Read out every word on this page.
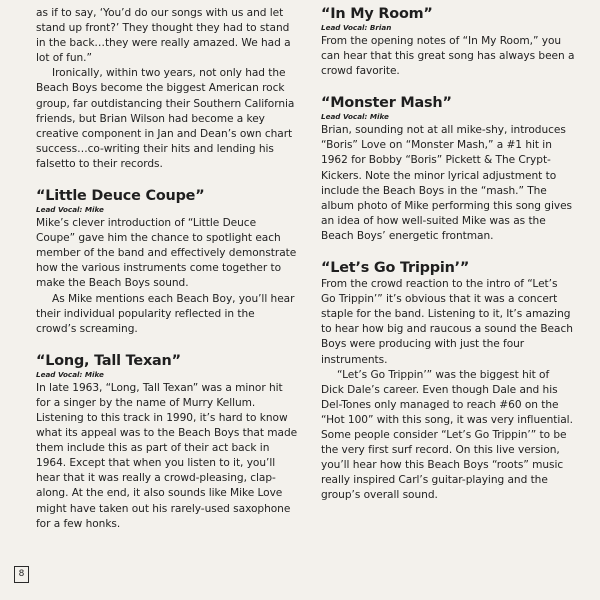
as if to say, ‘You’d do our songs with us and let stand up front?’ They thought they had to stand in the back…they were really amazed. We had a lot of fun.”

Ironically, within two years, not only had the Beach Boys become the biggest American rock group, far outdistancing their Southern California friends, but Brian Wilson had become a key creative component in Jan and Dean’s own chart success…co-writing their hits and lending his falsetto to their records.

“Little Deuce Coupe”
Lead Vocal: Mike

Mike’s clever introduction of “Little Deuce Coupe” gave him the chance to spotlight each member of the band and effectively demonstrate how the various instruments come together to make the Beach Boys sound.

As Mike mentions each Beach Boy, you’ll hear their individual popularity reflected in the crowd’s screaming.

“Long, Tall Texan”
Lead Vocal: Mike

In late 1963, “Long, Tall Texan” was a minor hit for a singer by the name of Murry Kellum. Listening to this track in 1990, it’s hard to know what its appeal was to the Beach Boys that made them include this as part of their act back in 1964. Except that when you listen to it, you’ll hear that it was really a crowd-pleasing, clap-along. At the end, it also sounds like Mike Love might have taken out his rarely-used saxophone for a few honks.

“In My Room”
Lead Vocal: Brian

From the opening notes of “In My Room,” you can hear that this great song has always been a crowd favorite.

“Monster Mash”
Lead Vocal: Mike

Brian, sounding not at all mike-shy, introduces “Boris” Love on “Monster Mash,” a #1 hit in 1962 for Bobby “Boris” Pickett & The Crypt-Kickers. Note the minor lyrical adjustment to include the Beach Boys in the “mash.” The album photo of Mike performing this song gives an idea of how well-suited Mike was as the Beach Boys’ energetic frontman.

“Let’s Go Trippin’”

From the crowd reaction to the intro of “Let’s Go Trippin’” it’s obvious that it was a concert staple for the band. Listening to it, It’s amazing to hear how big and raucous a sound the Beach Boys were producing with just the four instruments.

“Let’s Go Trippin’” was the biggest hit of Dick Dale’s career. Even though Dale and his Del-Tones only managed to reach #60 on the “Hot 100” with this song, it was very influential. Some people consider “Let’s Go Trippin’” to be the very first surf record. On this live version, you’ll hear how this Beach Boys “roots” music really inspired Carl’s guitar-playing and the group’s overall sound.

8
